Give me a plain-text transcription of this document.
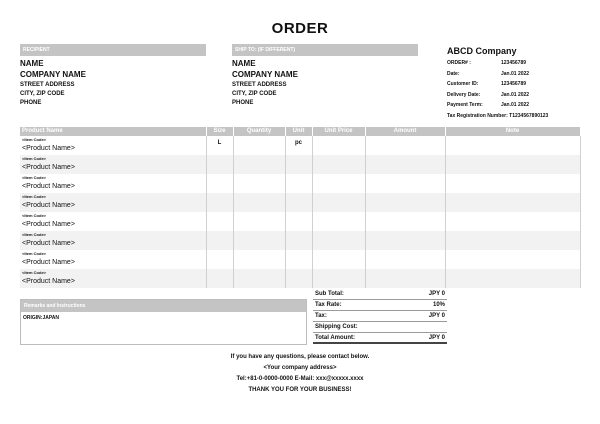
ORDER
RECIPIENT
NAME
COMPANY NAME
STREET ADDRESS
CITY, ZIP CODE
PHONE
SHIP TO: (IF DIFFERENT)
NAME
COMPANY NAME
STREET ADDRESS
CITY, ZIP CODE
PHONE
ABCD Company
ORDER# :	123456789
Date:	Jan.01 2022
Customer ID:	123456789
Delivery Date:	Jan.01 2022
Payment Term:	Jan.01 2022
Tax Registration Number: T1234567890123
Product Name	Size	Quantity	Unit	Unit Price	Amount	Note

<Item Code>
<Product Name>	L		pc			

<Item Code>
<Product Name>						

<Item Code>
<Product Name>						

<Item Code>
<Product Name>						

<Item Code>
<Product Name>						

<Item Code>
<Product Name>						

<Item Code>
<Product Name>						

<Item Code>
<Product Name>						

Remarks and Instructions
ORIGIN:JAPAN
Sub Total:	JPY 0
Tax Rate:	10%
Tax:	JPY 0
Shipping Cost:
Total Amount:	JPY 0
If you have any questions, please contact below.
<Your company address>
Tel:+81-0-0000-0000 E-Mail: xxx@xxxxx.xxxx
THANK YOU FOR YOUR BUSINESS!
